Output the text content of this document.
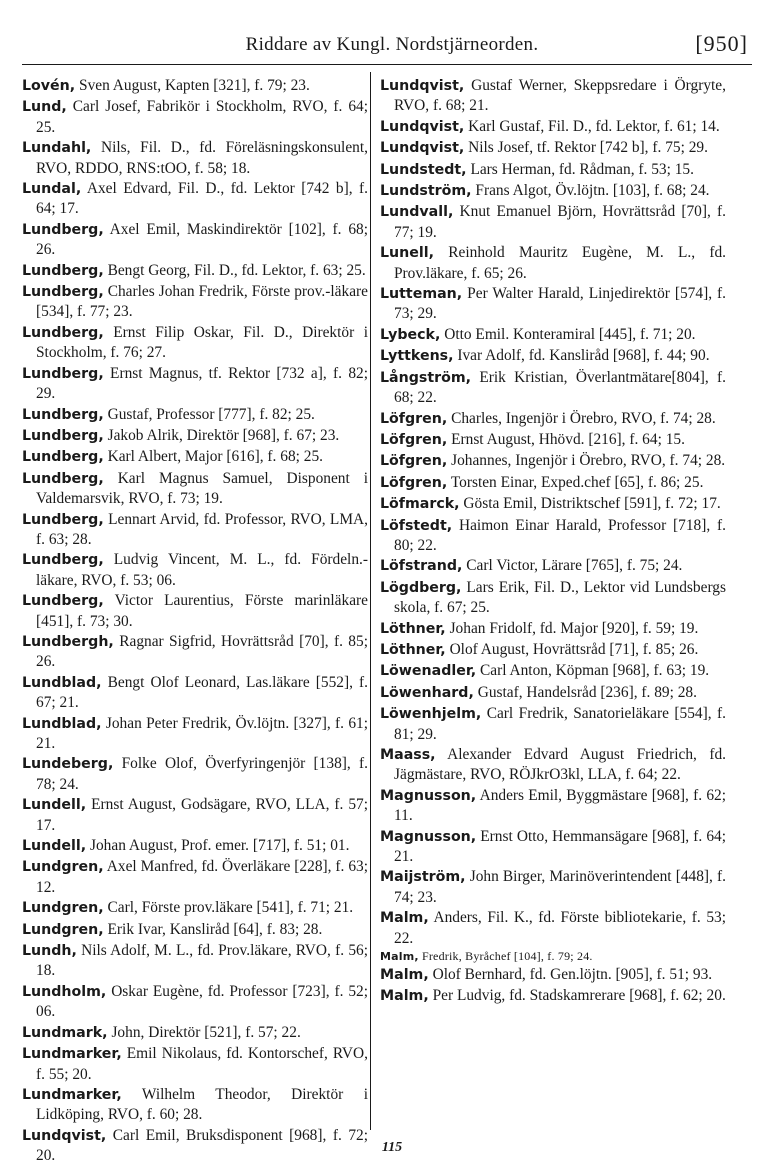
Riddare av Kungl. Nordstjärneorden.	[950]

Lovén, Sven August, Kapten [321], f. 79; 23.

Lund, Carl Josef, Fabrikör i Stockholm, RVO, f. 64; 25.

Lundahl, Nils, Fil. D., fd. Föreläsningskonsulent, RVO, RDDO, RNS:tOO, f. 58; 18.

Lundal, Axel Edvard, Fil. D., fd. Lektor [742 b], f. 64; 17.

Lundberg, Axel Emil, Maskindirektör [102], f. 68; 26.

Lundberg, Bengt Georg, Fil. D., fd. Lektor, f. 63; 25.

Lundberg, Charles Johan Fredrik, Förste prov.-läkare [534], f. 77; 23.

Lundberg, Ernst Filip Oskar, Fil. D., Direktör i Stockholm, f. 76; 27.

Lundberg, Ernst Magnus, tf. Rektor [732 a], f. 82; 29.

Lundberg, Gustaf, Professor [777], f. 82; 25.

Lundberg, Jakob Alrik, Direktör [968], f. 67; 23.

Lundberg, Karl Albert, Major [616], f. 68; 25.

Lundberg, Karl Magnus Samuel, Disponent i Valdemarsvik, RVO, f. 73; 19.

Lundberg, Lennart Arvid, fd. Professor, RVO, LMA, f. 63; 28.

Lundberg, Ludvig Vincent, M. L., fd. Fördeln.-läkare, RVO, f. 53; 06.

Lundberg, Victor Laurentius, Förste marinläkare [451], f. 73; 30.

Lundbergh, Ragnar Sigfrid, Hovrättsråd [70], f. 85; 26.

Lundblad, Bengt Olof Leonard, Las.läkare [552], f. 67; 21.

Lundblad, Johan Peter Fredrik, Öv.löjtn. [327], f. 61; 21.

Lundeberg, Folke Olof, Överfyringenjör [138], f. 78; 24.

Lundell, Ernst August, Godsägare, RVO, LLA, f. 57; 17.

Lundell, Johan August, Prof. emer. [717], f. 51; 01.

Lundgren, Axel Manfred, fd. Överläkare [228], f. 63; 12.

Lundgren, Carl, Förste prov.läkare [541], f. 71; 21.

Lundgren, Erik Ivar, Kansliråd [64], f. 83; 28.

Lundh, Nils Adolf, M. L., fd. Prov.läkare, RVO, f. 56; 18.

Lundholm, Oskar Eugène, fd. Professor [723], f. 52; 06.

Lundmark, John, Direktör [521], f. 57; 22.

Lundmarker, Emil Nikolaus, fd. Kontorschef, RVO, f. 55; 20.

Lundmarker, Wilhelm Theodor, Direktör i Lidköping, RVO, f. 60; 28.

Lundqvist, Carl Emil, Bruksdisponent [968], f. 72; 20.

Lundqvist, Gustaf Werner, Skeppsredare i Örgryte, RVO, f. 68; 21.

Lundqvist, Karl Gustaf, Fil. D., fd. Lektor, f. 61; 14.

Lundqvist, Nils Josef, tf. Rektor [742 b], f. 75; 29.

Lundstedt, Lars Herman, fd. Rådman, f. 53; 15.

Lundström, Frans Algot, Öv.löjtn. [103], f. 68; 24.

Lundvall, Knut Emanuel Björn, Hovrättsråd [70], f. 77; 19.

Lunell, Reinhold Mauritz Eugène, M. L., fd. Prov.läkare, f. 65; 26.

Lutteman, Per Walter Harald, Linjedirektör [574], f. 73; 29.

Lybeck, Otto Emil. Konteramiral [445], f. 71; 20.

Lyttkens, Ivar Adolf, fd. Kansliråd [968], f. 44; 90.

Långström, Erik Kristian, Överlantmätare[804], f. 68; 22.

Löfgren, Charles, Ingenjör i Örebro, RVO, f. 74; 28.

Löfgren, Ernst August, Hhövd. [216], f. 64; 15.

Löfgren, Johannes, Ingenjör i Örebro, RVO, f. 74; 28.

Löfgren, Torsten Einar, Exped.chef [65], f. 86; 25.

Löfmarck, Gösta Emil, Distriktschef [591], f. 72; 17.

Löfstedt, Haimon Einar Harald, Professor [718], f. 80; 22.

Löfstrand, Carl Victor, Lärare [765], f. 75; 24.

Lögdberg, Lars Erik, Fil. D., Lektor vid Lundsbergs skola, f. 67; 25.

Löthner, Johan Fridolf, fd. Major [920], f. 59; 19.

Löthner, Olof August, Hovrättsråd [71], f. 85; 26.

Löwenadler, Carl Anton, Köpman [968], f. 63; 19.

Löwenhard, Gustaf, Handelsråd [236], f. 89; 28.

Löwenhjelm, Carl Fredrik, Sanatorieläkare [554], f. 81; 29.

Maass, Alexander Edvard August Friedrich, fd. Jägmästare, RVO, RÖJkrO3kl, LLA, f. 64; 22.

Magnusson, Anders Emil, Byggmästare [968], f. 62; 11.

Magnusson, Ernst Otto, Hemmansägare [968], f. 64; 21.

Maijström, John Birger, Marinöverintendent [448], f. 74; 23.

Malm, Anders, Fil. K., fd. Förste bibliotekarie, f. 53; 22.

Malm, Fredrik, Byråchef [104], f. 79; 24.

Malm, Olof Bernhard, fd. Gen.löjtn. [905], f. 51; 93.

Malm, Per Ludvig, fd. Stadskamrerare [968], f. 62; 20.

115
